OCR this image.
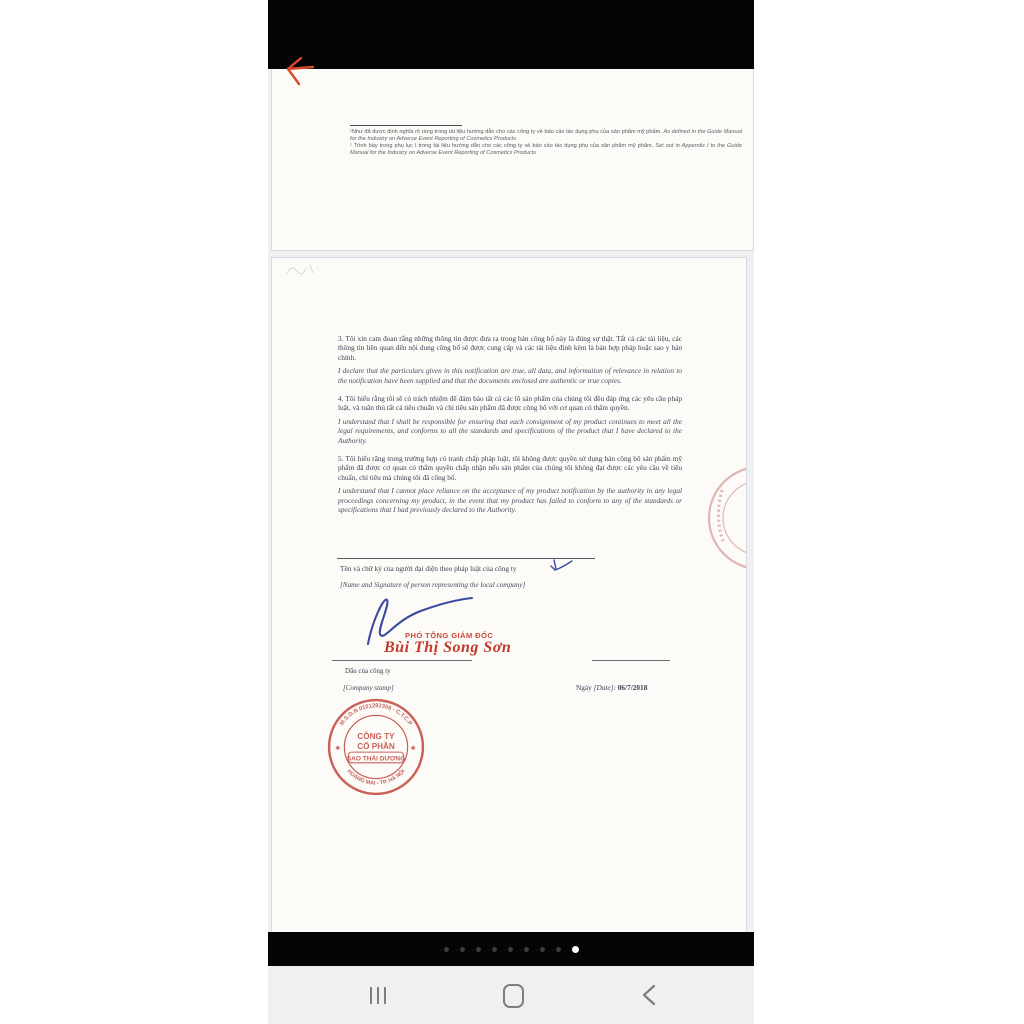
¹Như đã được định nghĩa rõ ràng trong tài liệu hướng dẫn cho các công ty về báo cáo tác dụng phụ của sản phẩm mỹ phẩm. As defined in the Guide Manual for the Industry on Adverse Event Reporting of Cosmetics Products

¹ Trình bày trong phụ lục I trong tài liệu hướng dẫn cho các công ty về báo cáo tác dụng phụ của sản phẩm mỹ phẩm. Set out in Appendix I to the Guide Manual for the Industry on Adverse Event Reporting of Cosmetics Products

3. Tôi xin cam đoan rằng những thông tin được đưa ra trong bản công bố này là đúng sự thật. Tất cả các tài liệu, các thông tin liên quan đến nội dung công bố sẽ được cung cấp và các tài liệu đính kèm là bản hợp pháp hoặc sao y bản chính.

I declare that the particulars given in this notification are true, all data, and information of relevance in relation to the notification have been supplied and that the documents enclosed are authentic or true copies.

4. Tôi hiểu rằng tôi sẽ có trách nhiệm để đảm bảo tất cả các lô sản phẩm của chúng tôi đều đáp ứng các yêu cầu pháp luật, và tuân thủ tất cả tiêu chuẩn và chỉ tiêu sản phẩm đã được công bố với cơ quan có thẩm quyền.

I understand that I shall be responsible for ensuring that each consignment of my product continues to meet all the legal requirements, and conforms to all the standards and specifications of the product that I have declared to the Authority.

5. Tôi hiểu rằng trong trường hợp có tranh chấp pháp luật, tôi không được quyền sử dụng bản công bố sản phẩm mỹ phẩm đã được cơ quan có thẩm quyền chấp nhận nếu sản phẩm của chúng tôi không đạt được các yêu cầu về tiêu chuẩn, chỉ tiêu mà chúng tôi đã công bố.

I understand that I cannot place reliance on the acceptance of my product notification by the authority in any legal proceedings concerning my product, in the event that my product has failed to conform to any of the standards or specifications that I had previously declared to the Authority.

Tên và chữ ký của người đại diện theo pháp luật của công ty
[Name and Signature of person representing the local company]
PHÓ TỔNG GIÁM ĐỐC
Bùi Thị Song Sơn
Dấu của công ty
[Company stamp]	Ngày [Date]: 06/7/2018
M.S.D.N 0101292356 - C.T.C.P
HOÀNG MAI - TP. HÀ NỘI
✱	✱
CÔNG TY
CỔ PHẦN
SAO THÁI DƯƠNG
